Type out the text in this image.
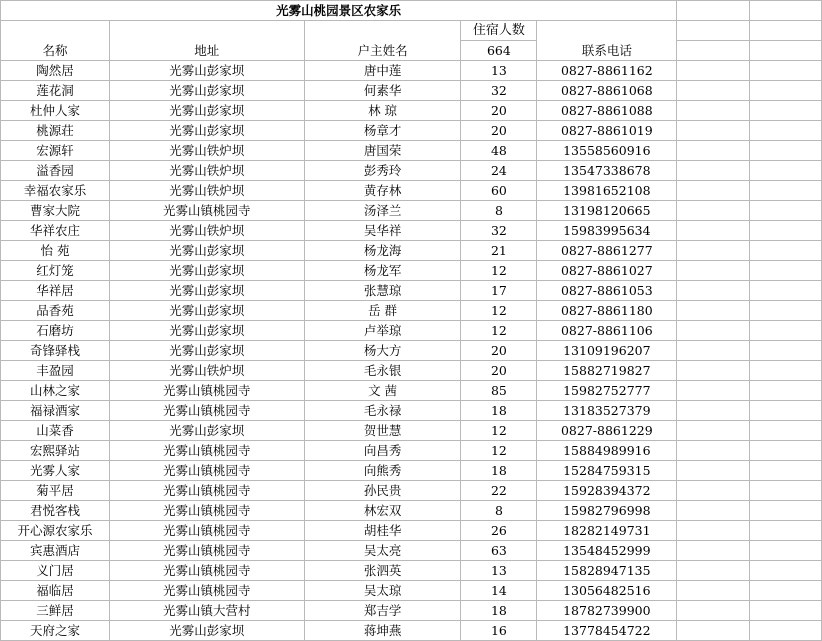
光雾山桃园景区农家乐						
名称	地址	户主姓名	住宿人数	联系电话		
			664			
陶然居	光雾山彭家坝	唐中莲	13	0827-8861162		
莲花洞	光雾山彭家坝	何素华	32	0827-8861068		
杜仲人家	光雾山彭家坝	林 琼	20	0827-8861088		
桃源荘	光雾山彭家坝	杨章才	20	0827-8861019		
宏源轩	光雾山铁炉坝	唐国荣	48	13558560916		
溢香园	光雾山铁炉坝	彭秀玲	24	13547338678		
幸福农家乐	光雾山铁炉坝	黄存林	60	13981652108		
曹家大院	光雾山镇桃园寺	汤泽兰	8	13198120665		
华祥农庄	光雾山铁炉坝	吴华祥	32	15983995634		
怡 苑	光雾山彭家坝	杨龙海	21	0827-8861277		
红灯笼	光雾山彭家坝	杨龙军	12	0827-8861027		
华祥居	光雾山彭家坝	张慧琼	17	0827-8861053		
品香苑	光雾山彭家坝	岳 群	12	0827-8861180		
石磨坊	光雾山彭家坝	卢举琼	12	0827-8861106		
奇锋驿栈	光雾山彭家坝	杨大方	20	13109196207		
丰盈园	光雾山铁炉坝	毛永银	20	15882719827		
山林之家	光雾山镇桃园寺	文 茜	85	15982752777		
福禄酒家	光雾山镇桃园寺	毛永禄	18	13183527379		
山菜香	光雾山彭家坝	贺世慧	12	0827-8861229		
宏熙驿站	光雾山镇桃园寺	向昌秀	12	15884989916		
光雾人家	光雾山镇桃园寺	向熊秀	18	15284759315		
菊平居	光雾山镇桃园寺	孙民贵	22	15928394372		
君悦客栈	光雾山镇桃园寺	林宏双	8	15982796998		
开心源农家乐	光雾山镇桃园寺	胡桂华	26	18282149731		
宾惠酒店	光雾山镇桃园寺	吴太亮	63	13548452999		
义门居	光雾山镇桃园寺	张泗英	13	15828947135		
福临居	光雾山镇桃园寺	吴太琼	14	13056482516		
三鲜居	光雾山镇大营村	郑吉学	18	18782739900		
天府之家	光雾山彭家坝	蒋坤燕	16	13778454722		
